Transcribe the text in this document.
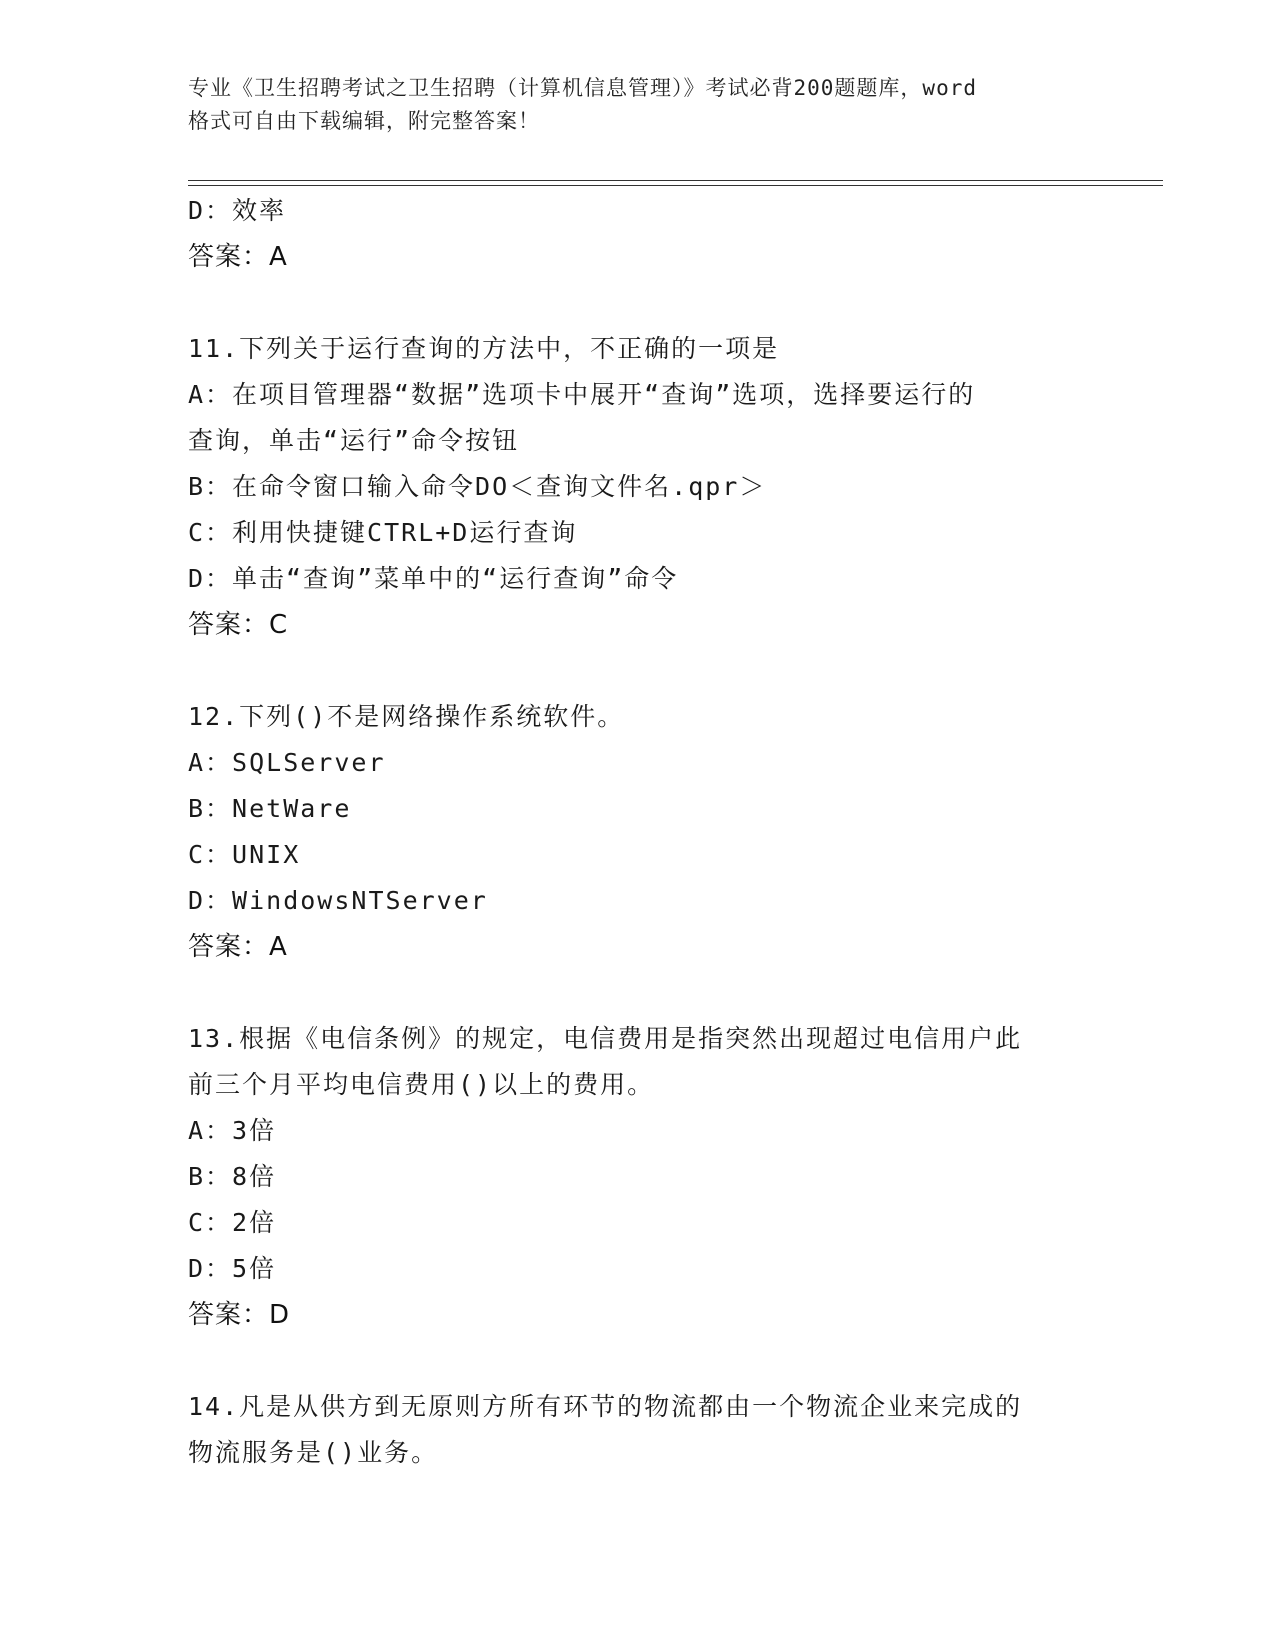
专业《卫生招聘考试之卫生招聘（计算机信息管理）》考试必背200题题库，word
格式可自由下载编辑，附完整答案！
D：效率
答案：A
11.下列关于运行查询的方法中，不正确的一项是
A：在项目管理器“数据”选项卡中展开“查询”选项，选择要运行的
查询，单击“运行”命令按钮
B：在命令窗口输入命令DO＜查询文件名.qpr＞
C：利用快捷键CTRL+D运行查询
D：单击“查询”菜单中的“运行查询”命令
答案：C
12.下列()不是网络操作系统软件。
A：SQLServer
B：NetWare
C：UNIX
D：WindowsNTServer
答案：A
13.根据《电信条例》的规定，电信费用是指突然出现超过电信用户此
前三个月平均电信费用()以上的费用。
A：3倍
B：8倍
C：2倍
D：5倍
答案：D
14.凡是从供方到无原则方所有环节的物流都由一个物流企业来完成的
物流服务是()业务。
